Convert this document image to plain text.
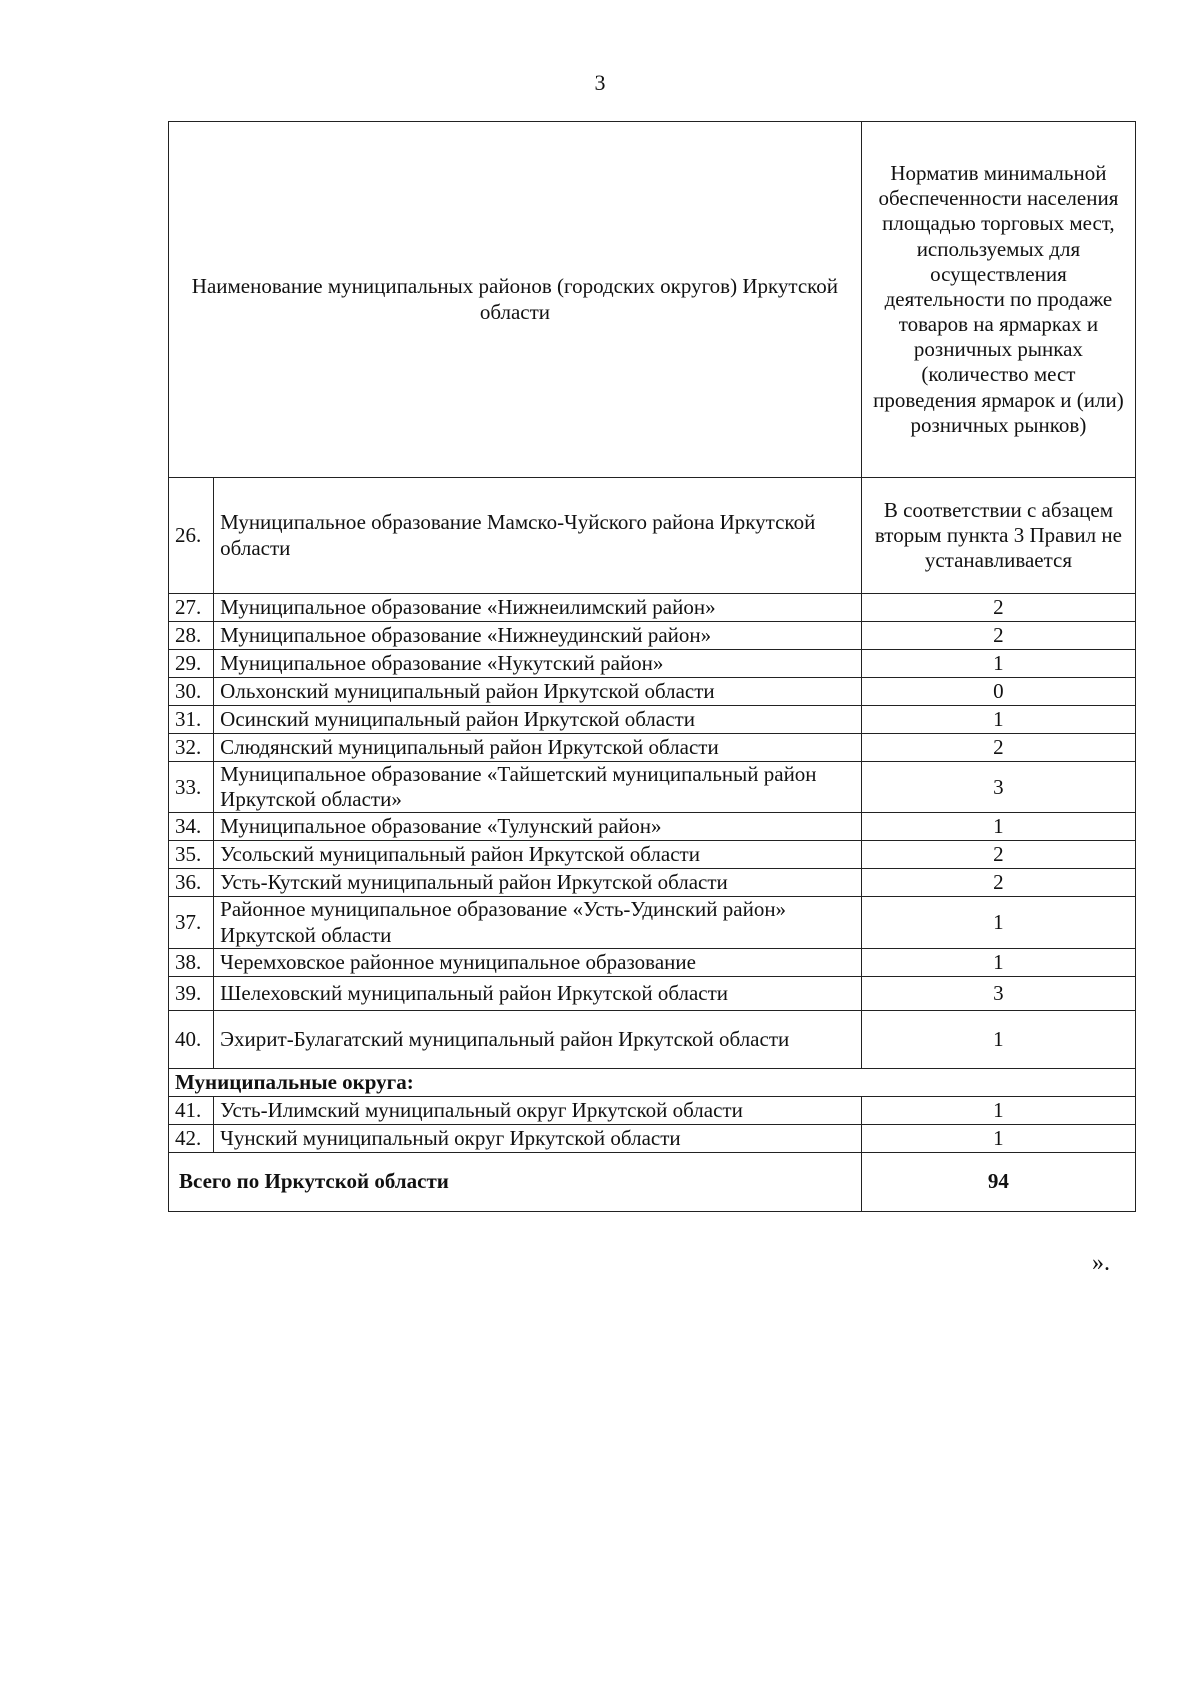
3
Наименование муниципальных районов (городских округов) Иркутской области		Норматив минимальной обеспеченности населения площадью торговых мест, используемых для осуществления деятельности по продаже товаров на ярмарках и розничных рынках (количество мест проведения ярмарок и (или) розничных рынков)
26.	Муниципальное образование Мамско-Чуйского района Иркутской области	В соответствии с абзацем вторым пункта 3 Правил не устанавливается
27.	Муниципальное образование «Нижнеилимский район»	2
28.	Муниципальное образование «Нижнеудинский район»	2
29.	Муниципальное образование «Нукутский район»	1
30.	Ольхонский муниципальный район Иркутской области	0
31.	Осинский муниципальный район Иркутской области	1
32.	Слюдянский муниципальный район Иркутской области	2
33.	Муниципальное образование «Тайшетский муниципальный район Иркутской области»	3
34.	Муниципальное образование «Тулунский район»	1
35.	Усольский муниципальный район Иркутской области	2
36.	Усть-Кутский муниципальный район Иркутской области	2
37.	Районное муниципальное образование «Усть-Удинский район» Иркутской области	1
38.	Черемховское районное муниципальное образование	1
39.	Шелеховский муниципальный район Иркутской области	3
40.	Эхирит-Булагатский муниципальный район Иркутской области	1
Муниципальные округа:		
41.	Усть-Илимский муниципальный округ Иркутской области	1
42.	Чунский муниципальный округ Иркутской области	1
Всего по Иркутской области		94
».
